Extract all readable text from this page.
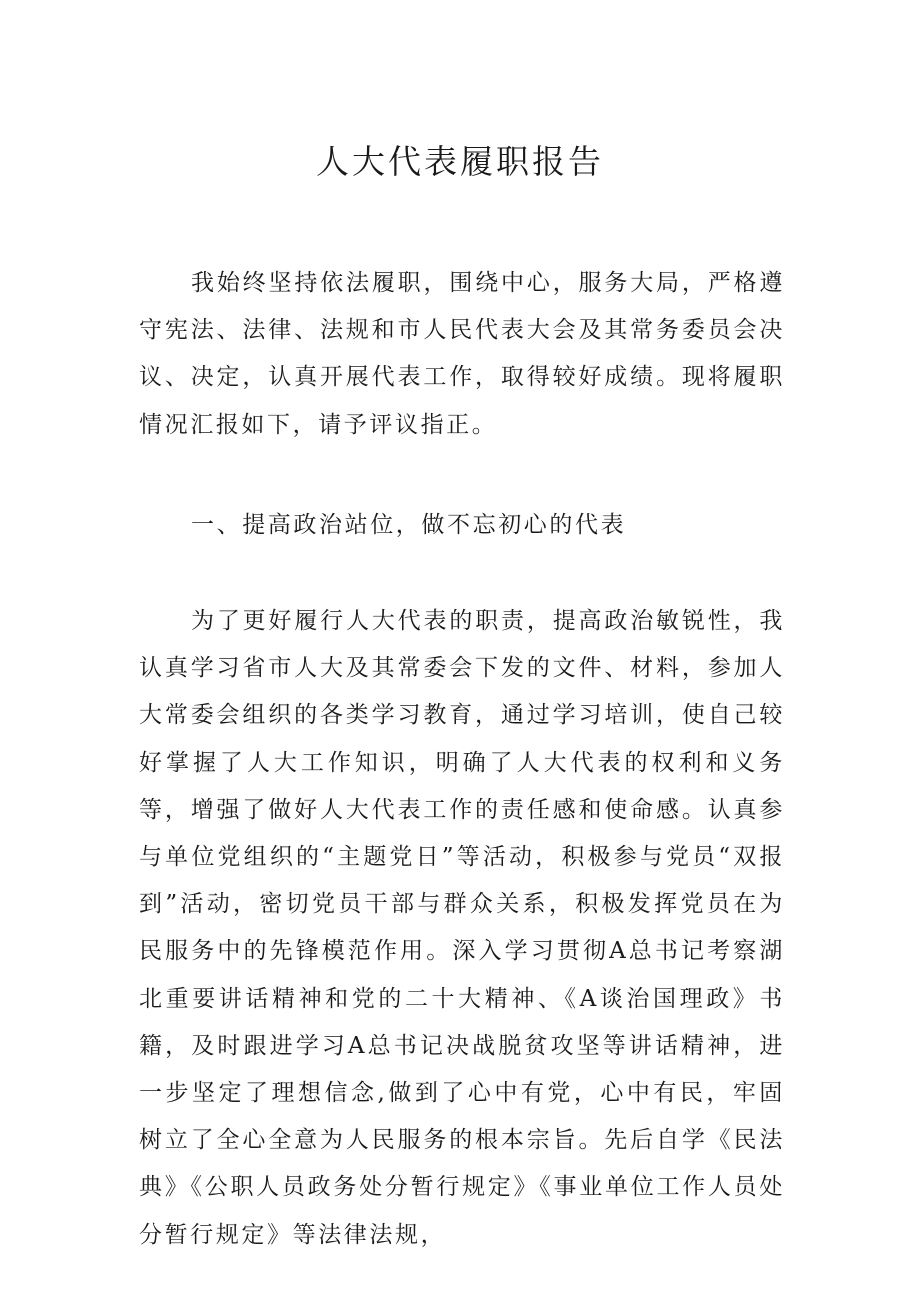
人大代表履职报告

我始终坚持依法履职，围绕中心，服务大局，严格遵守宪法、法律、法规和市人民代表大会及其常务委员会决议、决定，认真开展代表工作，取得较好成绩。现将履职情况汇报如下，请予评议指正。

一、提高政治站位，做不忘初心的代表

为了更好履行人大代表的职责，提高政治敏锐性，我认真学习省市人大及其常委会下发的文件、材料，参加人大常委会组织的各类学习教育，通过学习培训，使自己较好掌握了人大工作知识，明确了人大代表的权利和义务等，增强了做好人大代表工作的责任感和使命感。认真参与单位党组织的“主题党日”等活动，积极参与党员“双报到”活动，密切党员干部与群众关系，积极发挥党员在为民服务中的先锋模范作用。深入学习贯彻A总书记考察湖北重要讲话精神和党的二十大精神、《A谈治国理政》书籍，及时跟进学习A总书记决战脱贫攻坚等讲话精神，进一步坚定了理想信念,做到了心中有党，心中有民，牢固树立了全心全意为人民服务的根本宗旨。先后自学《民法典》《公职人员政务处分暂行规定》《事业单位工作人员处分暂行规定》等法律法规，
